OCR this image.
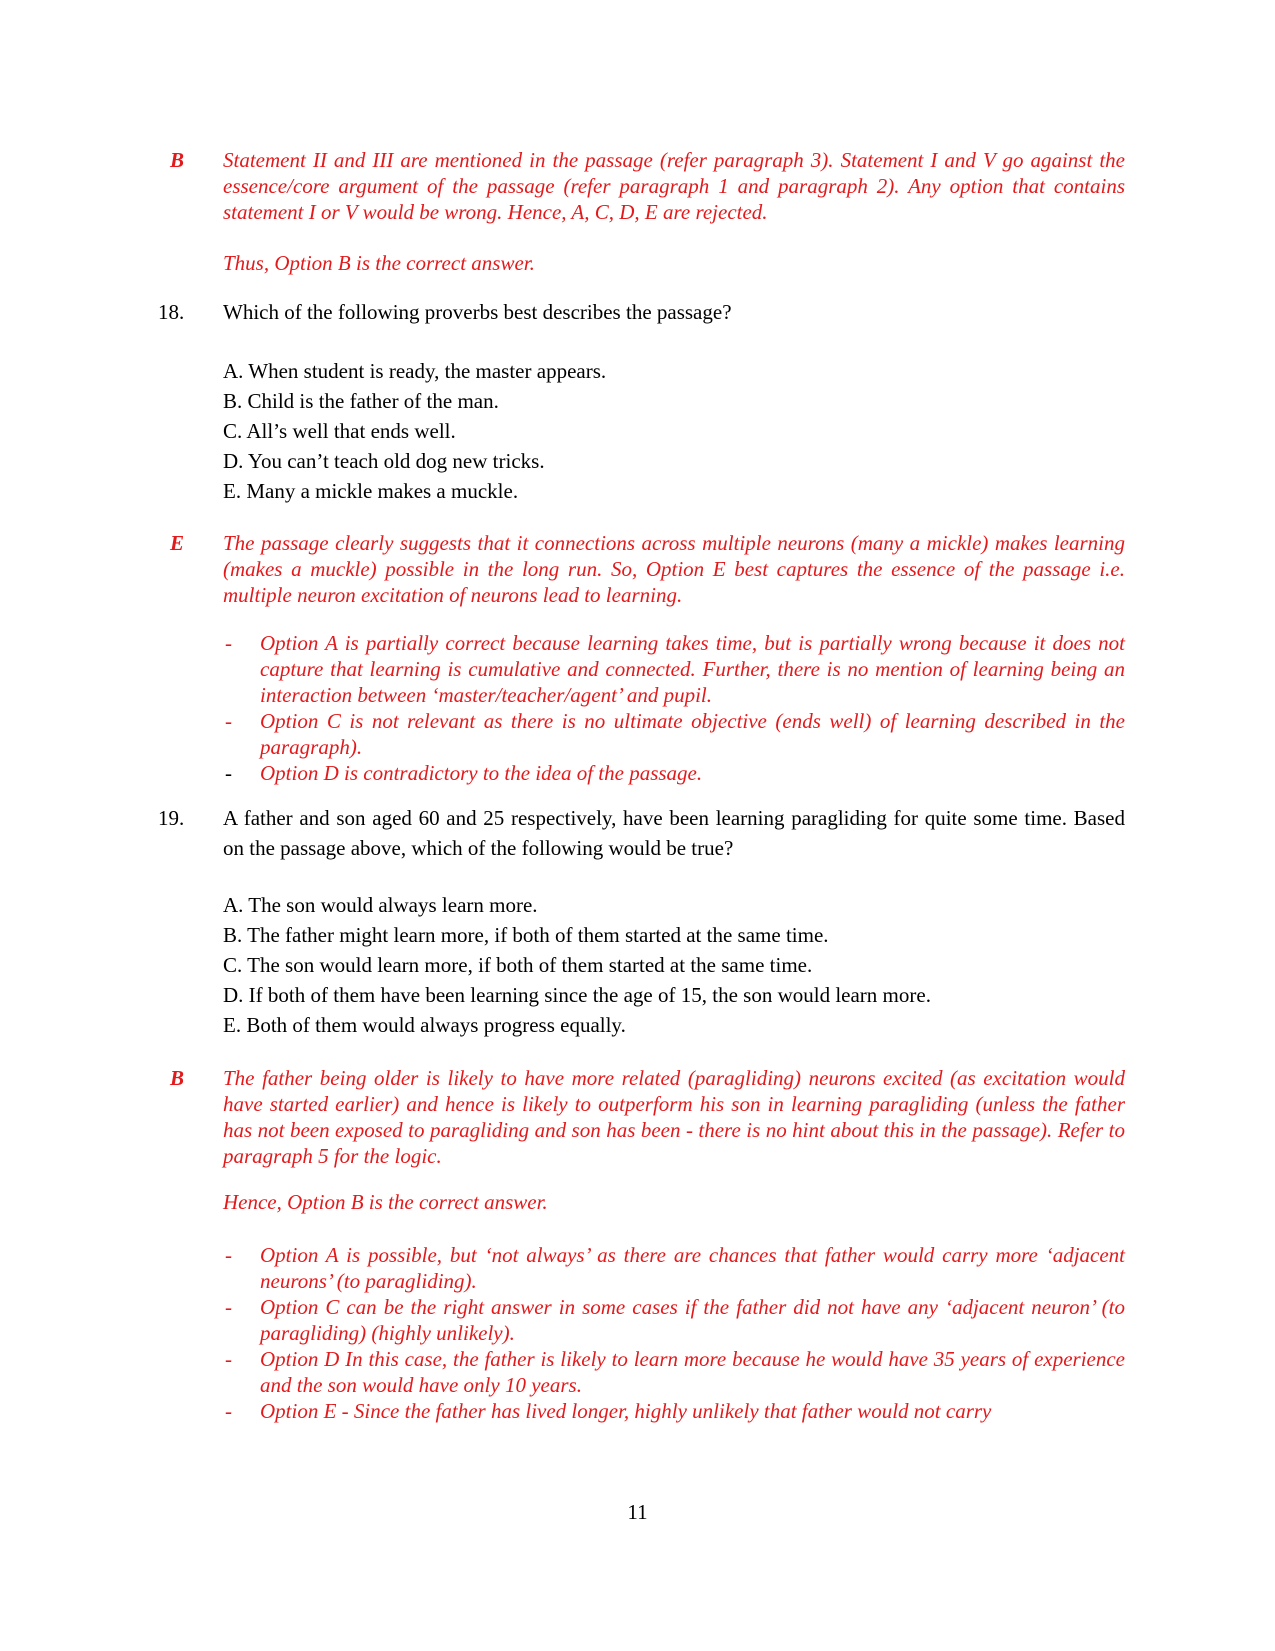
B	Statement II and III are mentioned in the passage (refer paragraph 3). Statement I and V go against the essence/core argument of the passage (refer paragraph 1 and paragraph 2). Any option that contains statement I or V would be wrong. Hence, A, C, D, E are rejected.
Thus, Option B is the correct answer.
18. Which of the following proverbs best describes the passage?
A. When student is ready, the master appears.
B. Child is the father of the man.
C. All’s well that ends well.
D. You can’t teach old dog new tricks.
E. Many a mickle makes a muckle.
E	The passage clearly suggests that it connections across multiple neurons (many a mickle) makes learning (makes a muckle) possible in the long run. So, Option E best captures the essence of the passage i.e. multiple neuron excitation of neurons lead to learning.
- Option A is partially correct because learning takes time, but is partially wrong because it does not capture that learning is cumulative and connected. Further, there is no mention of learning being an interaction between ‘master/teacher/agent’ and pupil.
- Option C is not relevant as there is no ultimate objective (ends well) of learning described in the paragraph).
- Option D is contradictory to the idea of the passage.
19. A father and son aged 60 and 25 respectively, have been learning paragliding for quite some time. Based on the passage above, which of the following would be true?
A. The son would always learn more.
B. The father might learn more, if both of them started at the same time.
C. The son would learn more, if both of them started at the same time.
D. If both of them have been learning since the age of 15, the son would learn more.
E. Both of them would always progress equally.
B	The father being older is likely to have more related (paragliding) neurons excited (as excitation would have started earlier) and hence is likely to outperform his son in learning paragliding (unless the father has not been exposed to paragliding and son has been - there is no hint about this in the passage). Refer to paragraph 5 for the logic.
Hence, Option B is the correct answer.
- Option A is possible, but ‘not always’ as there are chances that father would carry more ‘adjacent neurons’ (to paragliding).
- Option C can be the right answer in some cases if the father did not have any ‘adjacent neuron’ (to paragliding) (highly unlikely).
- Option D In this case, the father is likely to learn more because he would have 35 years of experience and the son would have only 10 years.
- Option E - Since the father has lived longer, highly unlikely that father would not carry
11
